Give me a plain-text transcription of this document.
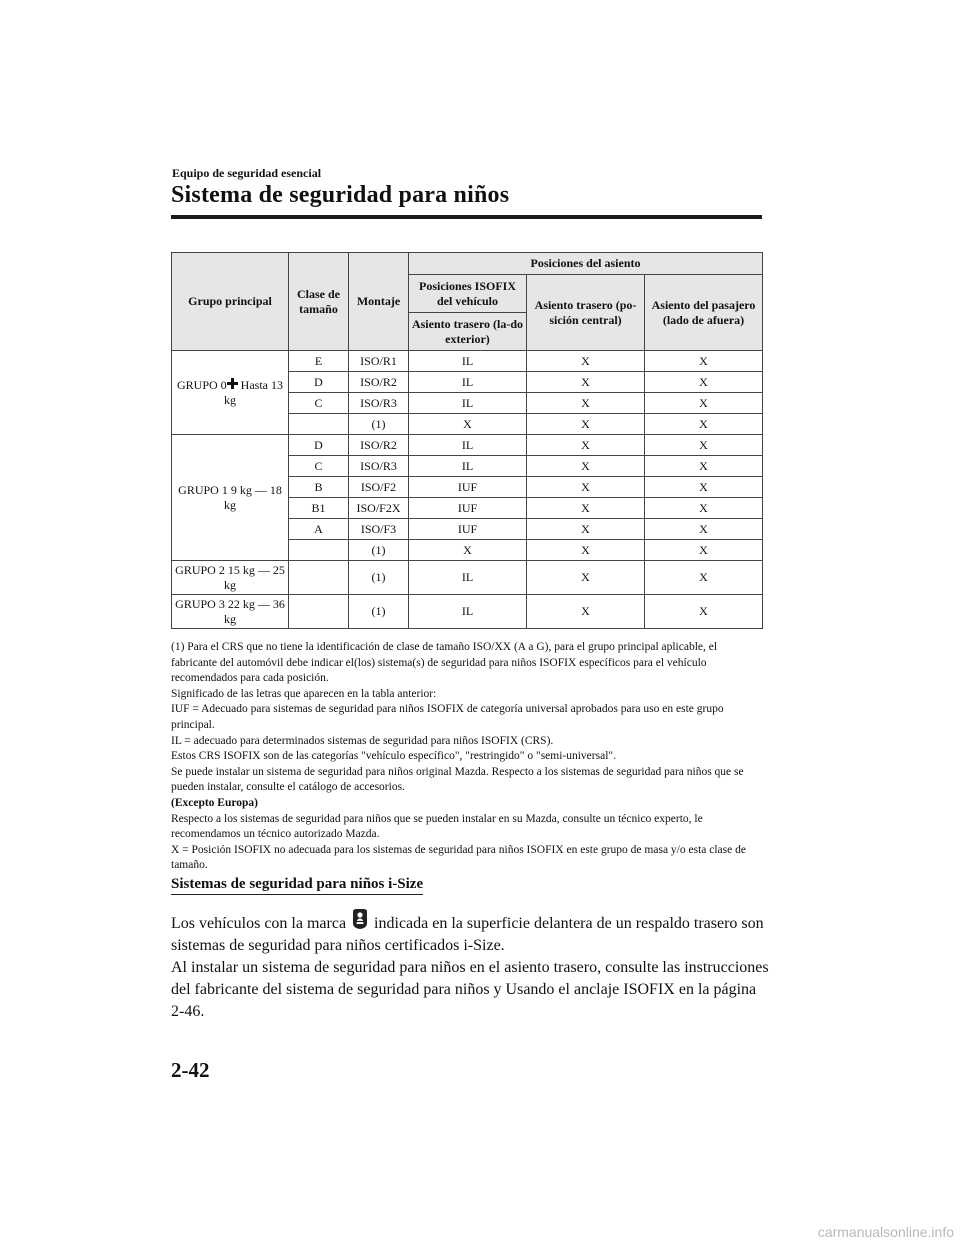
Equipo de seguridad esencial
Sistema de seguridad para niños
Grupo principal	Clase de tamaño	Montaje	Posiciones del asiento		
			Posiciones ISOFIX del vehículo	Asiento trasero (po-sición central)	Asiento del pasajero (lado de afuera)
			Asiento trasero (la-do exterior)		
GRUPO 0 Hasta 13 kg	E	ISO/R1	IL	X	X
	D	ISO/R2	IL	X	X
	C	ISO/R3	IL	X	X
		(1)	X	X	X
GRUPO 1 9 kg ― 18 kg	D	ISO/R2	IL	X	X
	C	ISO/R3	IL	X	X
	B	ISO/F2	IUF	X	X
	B1	ISO/F2X	IUF	X	X
	A	ISO/F3	IUF	X	X
		(1)	X	X	X
GRUPO 2 15 kg ― 25 kg		(1)	IL	X	X
GRUPO 3 22 kg ― 36 kg		(1)	IL	X	X

(1) Para el CRS que no tiene la identificación de clase de tamaño ISO/XX (A a G), para el grupo principal aplicable, el fabricante del automóvil debe indicar el(los) sistema(s) de seguridad para niños ISOFIX específicos para el vehículo recomendados para cada posición.

Significado de las letras que aparecen en la tabla anterior:

IUF = Adecuado para sistemas de seguridad para niños ISOFIX de categoría universal aprobados para uso en este grupo principal.

IL = adecuado para determinados sistemas de seguridad para niños ISOFIX (CRS).

Estos CRS ISOFIX son de las categorías "vehículo específico", "restringido" o "semi-universal".

Se puede instalar un sistema de seguridad para niños original Mazda. Respecto a los sistemas de seguridad para niños que se pueden instalar, consulte el catálogo de accesorios.

(Excepto Europa)

Respecto a los sistemas de seguridad para niños que se pueden instalar en su Mazda, consulte un técnico experto, le recomendamos un técnico autorizado Mazda.

X = Posición ISOFIX no adecuada para los sistemas de seguridad para niños ISOFIX en este grupo de masa y/o esta clase de tamaño.

Sistemas de seguridad para niños i-Size

Los vehículos con la marca  indicada en la superficie delantera de un respaldo trasero son sistemas de seguridad para niños certificados i-Size.

Al instalar un sistema de seguridad para niños en el asiento trasero, consulte las instrucciones del fabricante del sistema de seguridad para niños y Usando el anclaje ISOFIX en la página 2-46.

2-42
carmanualsonline.info
